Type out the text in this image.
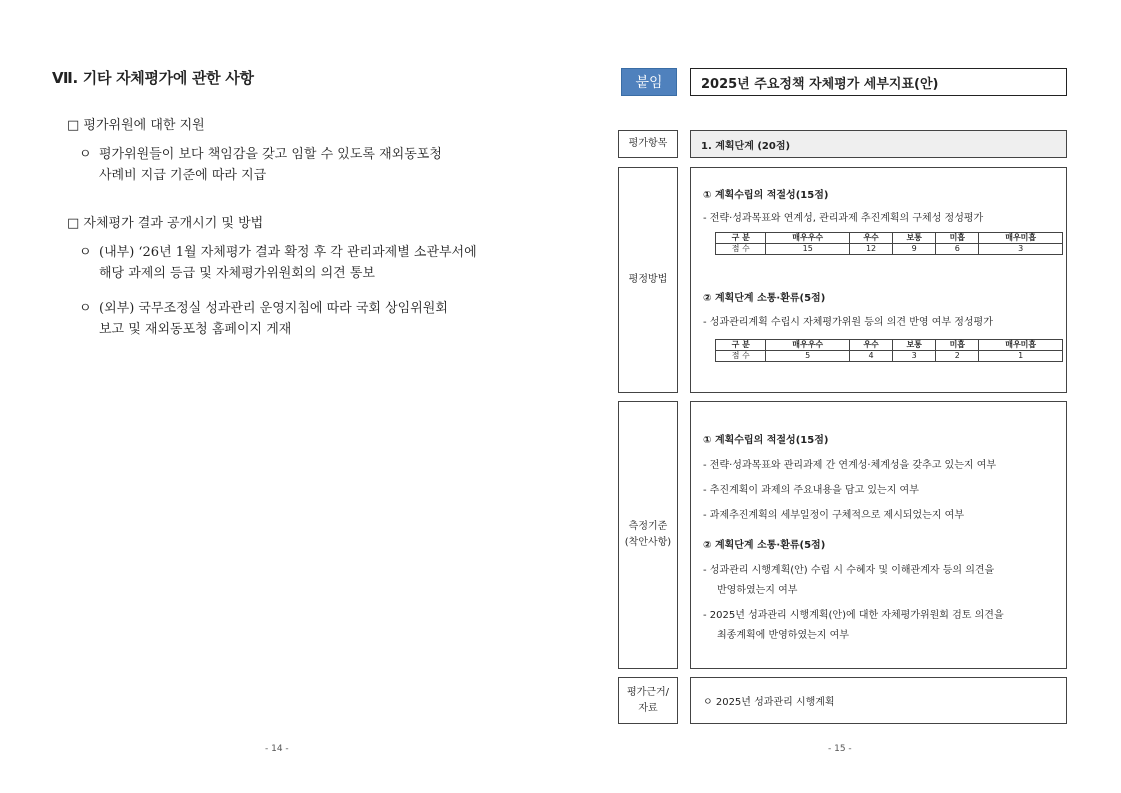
Ⅶ. 기타 자체평가에 관한 사항
□ 평가위원에 대한 지원
ㅇ 평가위원들이 보다 책임감을 갖고 임할 수 있도록 재외동포청
사례비 지급 기준에 따라 지급
□ 자체평가 결과 공개시기 및 방법
ㅇ (내부) ‘26년 1월 자체평가 결과 확정 후 각 관리과제별 소관부서에
해당 과제의 등급 및 자체평가위원회의 의견 통보
ㅇ (외부) 국무조정실 성과관리 운영지침에 따라 국회 상임위원회
보고 및 재외동포청 홈페이지 게재
- 14 -
붙임	2025년 주요정책 자체평가 세부지표(안)
평가항목	1. 계획단계 (20점)
평정방법
① 계획수립의 적절성(15점)
- 전략·성과목표와 연계성, 관리과제 추진계획의 구체성 정성평가
구 분	매우우수	우수	보통	미흡	매우미흡
점 수	15	12	9	6	3
② 계획단계 소통·환류(5점)
- 성과관리계획 수립시 자체평가위원 등의 의견 반영 여부 정성평가
구 분	매우우수	우수	보통	미흡	매우미흡
점 수	5	4	3	2	1
측정기준
(착안사항)
① 계획수립의 적절성(15점)
- 전략·성과목표와 관리과제 간 연계성·체계성을 갖추고 있는지 여부
- 추진계획이 과제의 주요내용을 담고 있는지 여부
- 과제추진계획의 세부일정이 구체적으로 제시되었는지 여부
② 계획단계 소통·환류(5점)
- 성과관리 시행계획(안) 수립 시 수혜자 및 이해관계자 등의 의견을
반영하였는지 여부
- 2025년 성과관리 시행계획(안)에 대한 자체평가위원회 검토 의견을
최종계획에 반영하였는지 여부
평가근거/
자료	ㅇ 2025년 성과관리 시행계획
- 15 -
